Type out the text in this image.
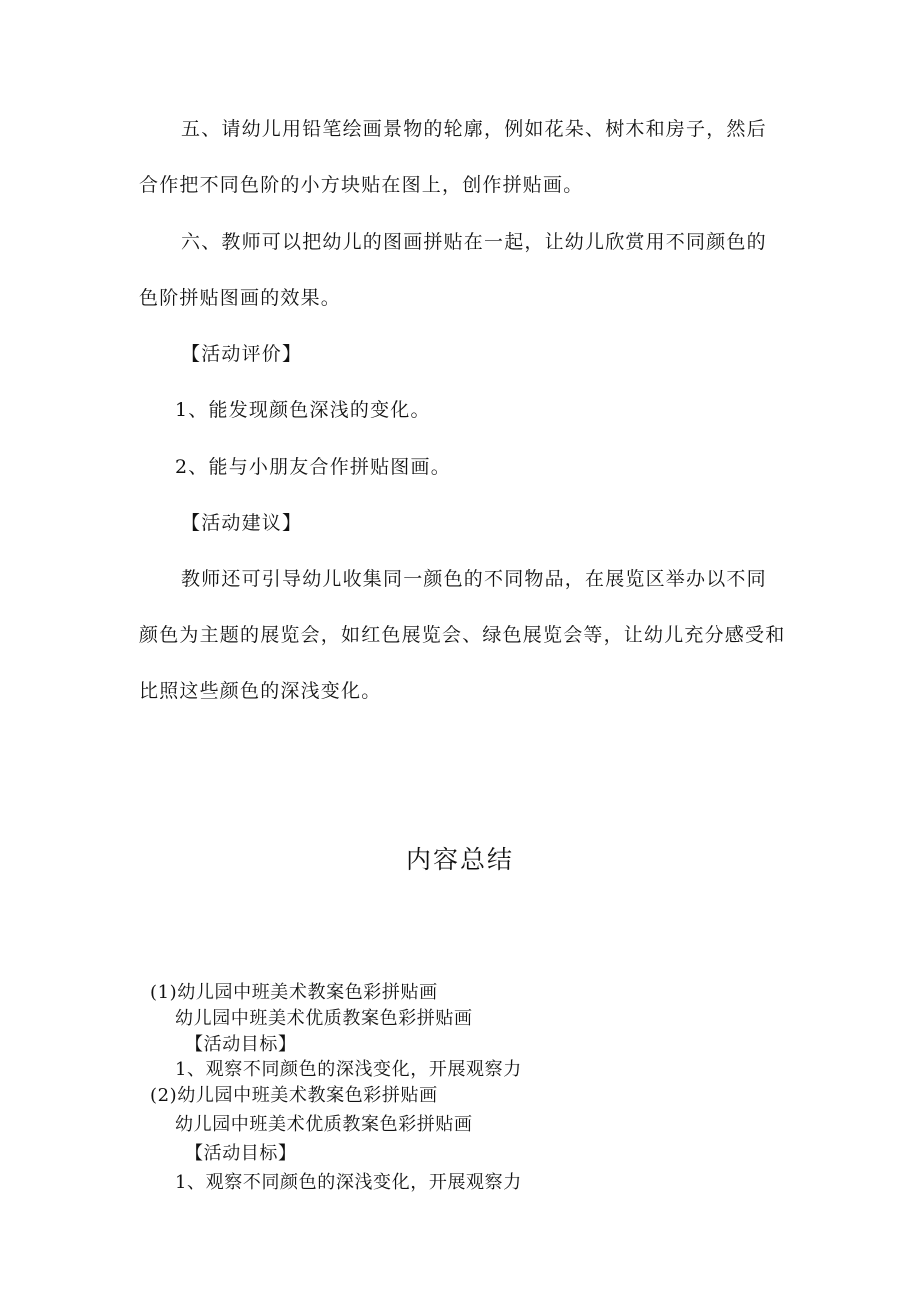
五、请幼儿用铅笔绘画景物的轮廓，例如花朵、树木和房子，然后
合作把不同色阶的小方块贴在图上，创作拼贴画。
六、教师可以把幼儿的图画拼贴在一起，让幼儿欣赏用不同颜色的
色阶拼贴图画的效果。
【活动评价】
1、能发现颜色深浅的变化。
2、能与小朋友合作拼贴图画。
【活动建议】
教师还可引导幼儿收集同一颜色的不同物品，在展览区举办以不同
颜色为主题的展览会，如红色展览会、绿色展览会等，让幼儿充分感受和
比照这些颜色的深浅变化。
内容总结
(1)幼儿园中班美术教案色彩拼贴画
幼儿园中班美术优质教案色彩拼贴画
【活动目标】
1、观察不同颜色的深浅变化，开展观察力
(2)幼儿园中班美术教案色彩拼贴画
幼儿园中班美术优质教案色彩拼贴画
【活动目标】
1、观察不同颜色的深浅变化，开展观察力
